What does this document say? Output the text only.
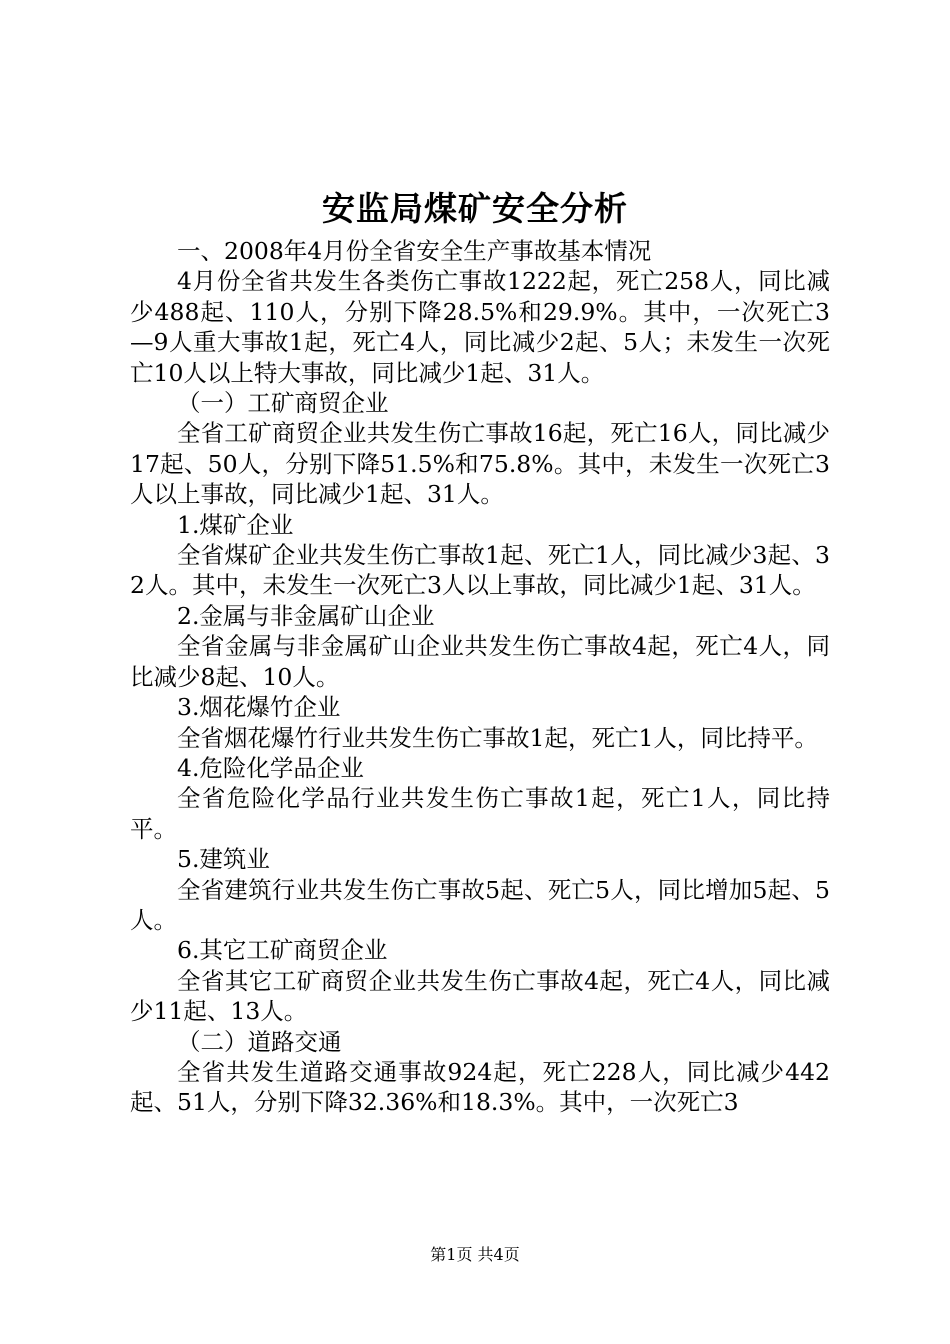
安监局煤矿安全分析

一、2008年4月份全省安全生产事故基本情况

4月份全省共发生各类伤亡事故1222起，死亡258人，同比减少488起、110人，分别下降28.5%和29.9%。其中，一次死亡3—9人重大事故1起，死亡4人，同比减少2起、5人；未发生一次死亡10人以上特大事故，同比减少1起、31人。

（一）工矿商贸企业

全省工矿商贸企业共发生伤亡事故16起，死亡16人，同比减少17起、50人，分别下降51.5%和75.8%。其中，未发生一次死亡3人以上事故，同比减少1起、31人。

1.煤矿企业

全省煤矿企业共发生伤亡事故1起、死亡1人，同比减少3起、32人。其中，未发生一次死亡3人以上事故，同比减少1起、31人。

2.金属与非金属矿山企业

全省金属与非金属矿山企业共发生伤亡事故4起，死亡4人，同比减少8起、10人。

3.烟花爆竹企业

全省烟花爆竹行业共发生伤亡事故1起，死亡1人，同比持平。

4.危险化学品企业

全省危险化学品行业共发生伤亡事故1起，死亡1人，同比持平。

5.建筑业

全省建筑行业共发生伤亡事故5起、死亡5人，同比增加5起、5人。

6.其它工矿商贸企业

全省其它工矿商贸企业共发生伤亡事故4起，死亡4人，同比减少11起、13人。

（二）道路交通

全省共发生道路交通事故924起，死亡228人，同比减少442起、51人，分别下降32.36%和18.3%。其中，一次死亡3

第1页 共4页
